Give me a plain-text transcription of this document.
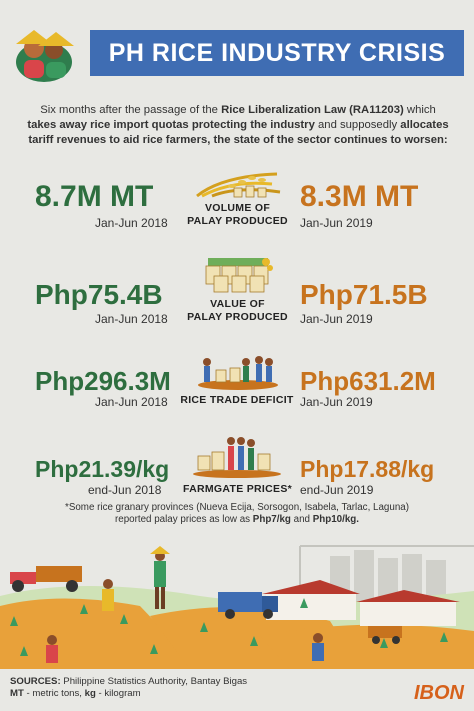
PH RICE INDUSTRY CRISIS
Six months after the passage of the Rice Liberalization Law (RA11203) which takes away rice import quotas protecting the industry and supposedly allocates tariff revenues to aid rice farmers, the state of the sector continues to worsen:
8.7M MT
Jan-Jun 2018
VOLUME OF
PALAY PRODUCED
8.3M MT
Jan-Jun 2019
Php75.4B
Jan-Jun 2018
VALUE OF
PALAY PRODUCED
Php71.5B
Jan-Jun 2019
Php296.3M
Jan-Jun 2018	RICE TRADE DEFICIT
Php631.2M
Jan-Jun 2019
Php21.39/kg
end-Jun 2018	FARMGATE PRICES*
Php17.88/kg
end-Jun 2019
*Some rice granary provinces (Nueva Ecija, Sorsogon, Isabela, Tarlac, Laguna)
reported palay prices as low as Php7/kg and Php10/kg.
SOURCES: Philippine Statistics Authority, Bantay Bigas
MT - metric tons, kg - kilogram	IBON
